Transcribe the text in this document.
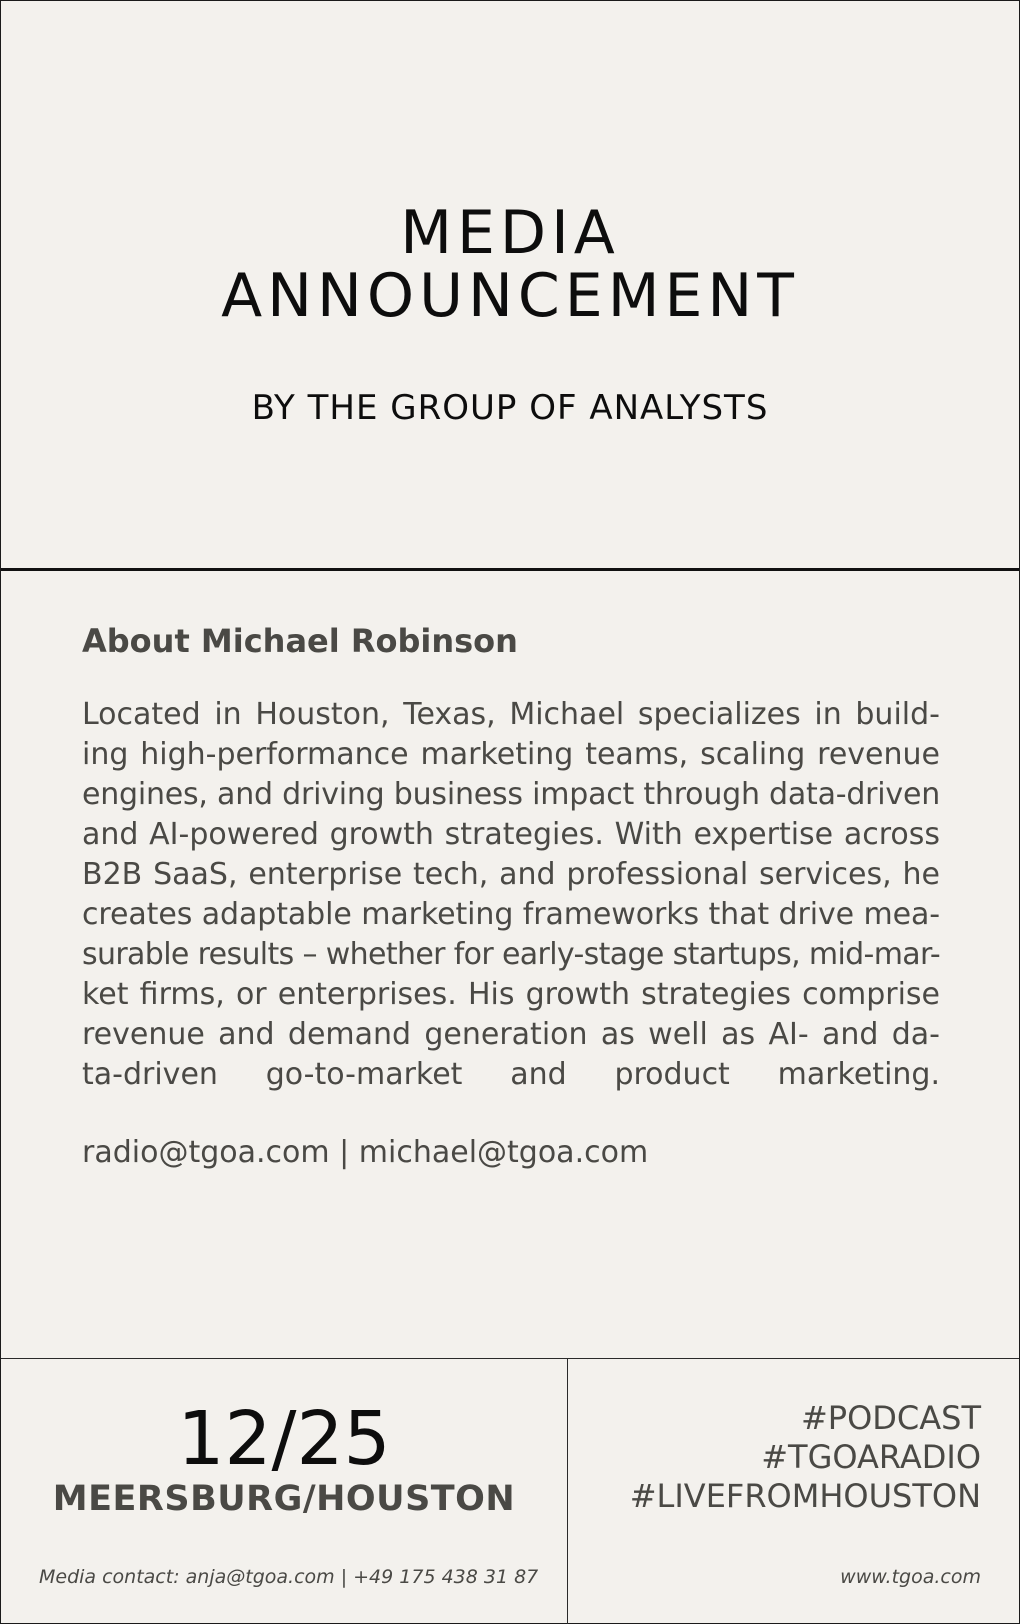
MEDIA
ANNOUNCEMENT
BY THE GROUP OF ANALYSTS
About Michael Robinson
Located in Houston, Texas, Michael specializes in build-
ing high-performance marketing teams, scaling revenue
engines, and driving business impact through data-driven
and AI-powered growth strategies. With expertise across
B2B SaaS, enterprise tech, and professional services, he
creates adaptable marketing frameworks that drive mea-
surable results – whether for early-stage startups, mid-mar-
ket firms, or enterprises. His growth strategies comprise
revenue and demand generation as well as AI- and da-
ta-driven go-to-market and product marketing.
radio@tgoa.com | michael@tgoa.com
12/25
MEERSBURG/HOUSTON
#PODCAST
#TGOARADIO
#LIVEFROMHOUSTON
Media contact: anja@tgoa.com | +49 175 438 31 87	www.tgoa.com
